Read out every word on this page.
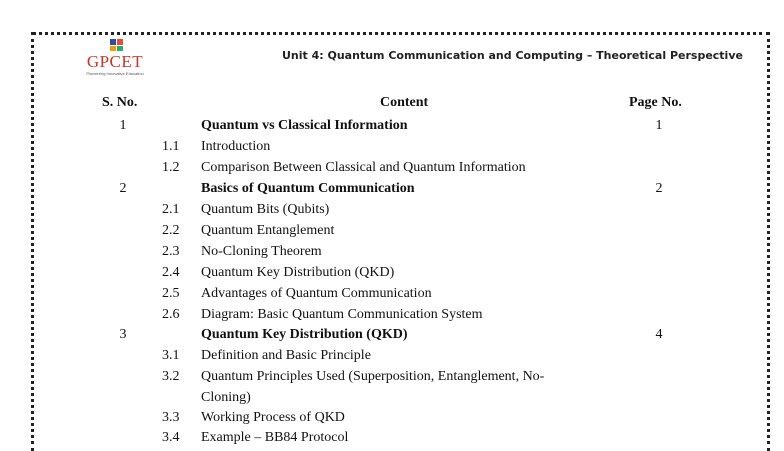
GPCET
Pioneering Innovative Education
Unit 4: Quantum Communication and Computing – Theoretical Perspective
S. No.	Content	Page No.
1	Quantum vs Classical Information	1
1.1 Introduction
1.2 Comparison Between Classical and Quantum Information
2	Basics of Quantum Communication	2
2.1 Quantum Bits (Qubits)
2.2 Quantum Entanglement
2.3 No-Cloning Theorem
2.4 Quantum Key Distribution (QKD)
2.5 Advantages of Quantum Communication
2.6 Diagram: Basic Quantum Communication System
3	Quantum Key Distribution (QKD)	4
3.1 Definition and Basic Principle
3.2 Quantum Principles Used (Superposition, Entanglement, No-
Cloning)
3.3 Working Process of QKD
3.4 Example – BB84 Protocol
